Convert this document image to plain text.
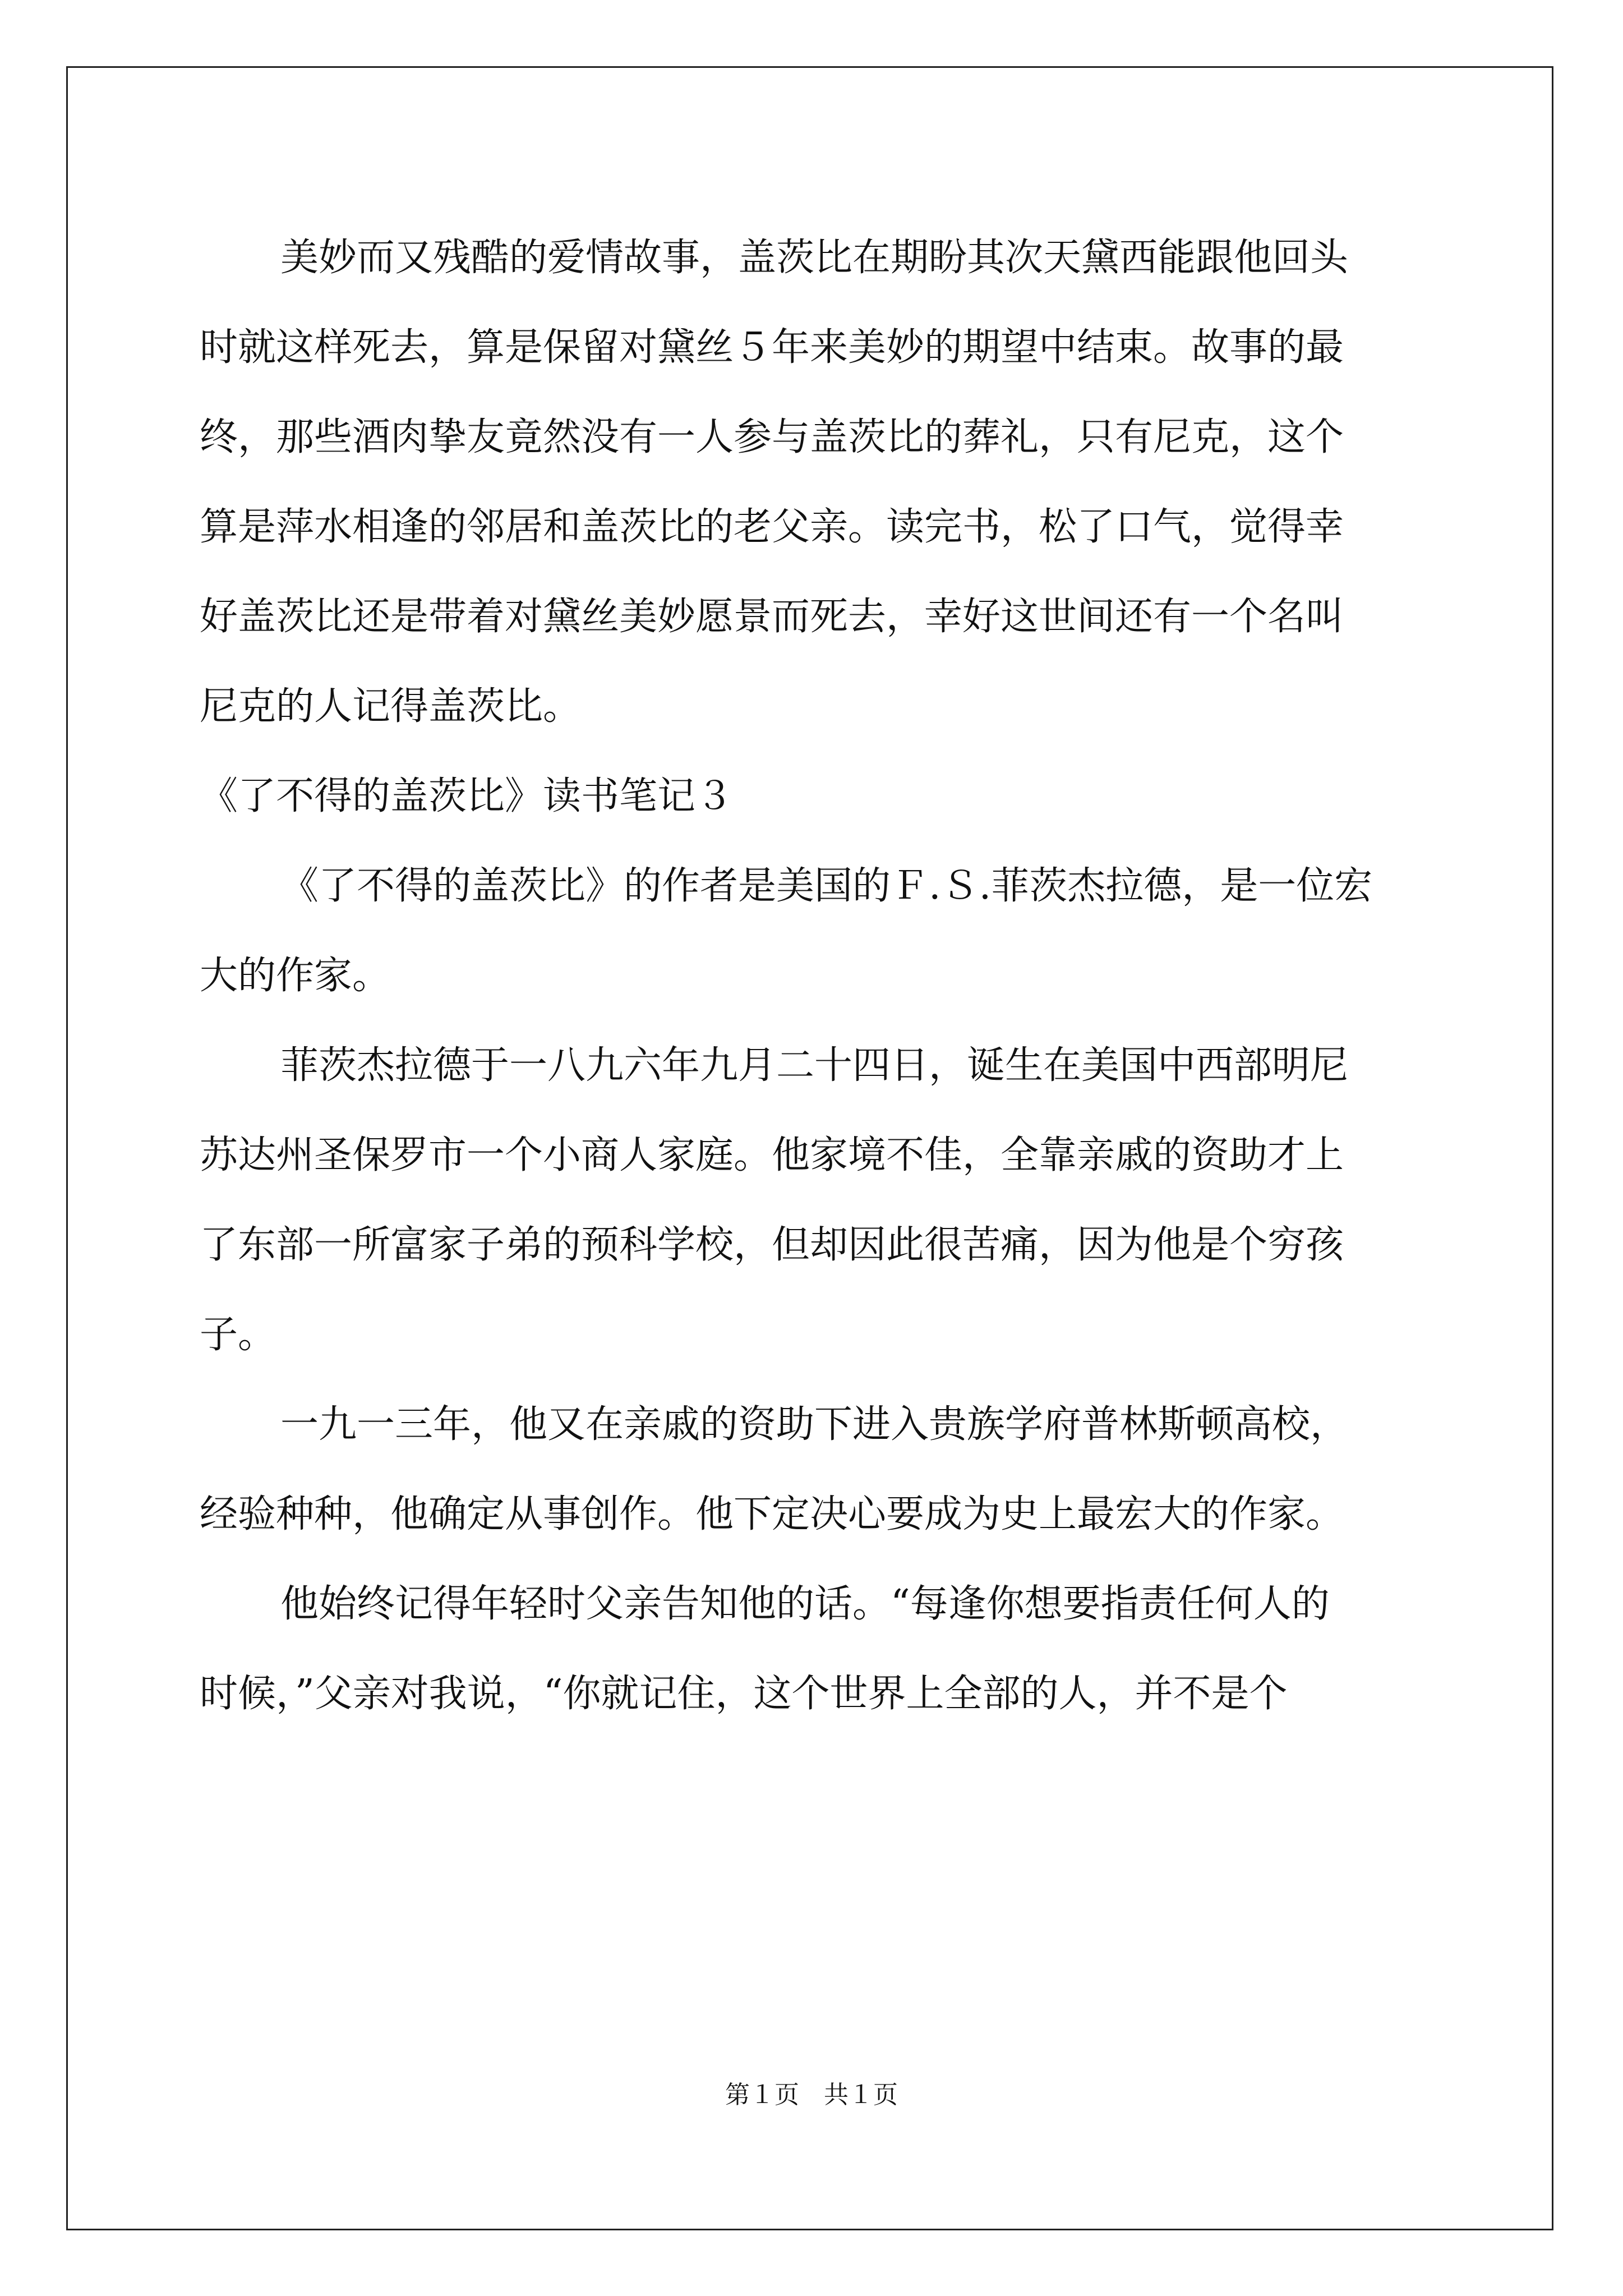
美妙而又残酷的爱情故事，盖茨比在期盼其次天黛西能跟他回头
时就这样死去，算是保留对黛丝５年来美妙的期望中结束。故事的最
终，那些酒肉挚友竟然没有一人参与盖茨比的葬礼，只有尼克，这个
算是萍水相逢的邻居和盖茨比的老父亲。读完书，松了口气，觉得幸
好盖茨比还是带着对黛丝美妙愿景而死去，幸好这世间还有一个名叫
尼克的人记得盖茨比。
《了不得的盖茨比》读书笔记３
《了不得的盖茨比》的作者是美国的Ｆ.Ｓ.菲茨杰拉德，是一位宏
大的作家。
菲茨杰拉德于一八九六年九月二十四日，诞生在美国中西部明尼
苏达州圣保罗市一个小商人家庭。他家境不佳，全靠亲戚的资助才上
了东部一所富家子弟的预科学校，但却因此很苦痛，因为他是个穷孩
子。
一九一三年，他又在亲戚的资助下进入贵族学府普林斯顿高校，
经验种种，他确定从事创作。他下定决心要成为史上最宏大的作家。
他始终记得年轻时父亲告知他的话。“每逢你想要指责任何人的
时候，”父亲对我说，“你就记住，这个世界上全部的人，并不是个
第１页　共１页
